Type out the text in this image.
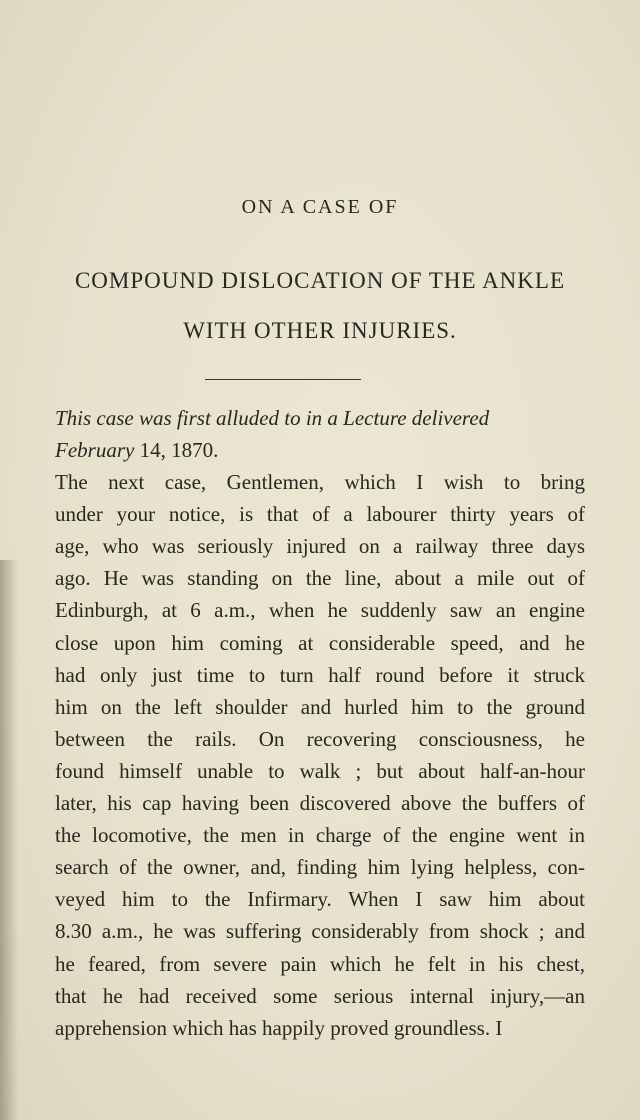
ON A CASE OF
COMPOUND DISLOCATION OF THE ANKLE
WITH OTHER INJURIES.
This case was first alluded to in a Lecture delivered
February 14, 1870.
The next case, Gentlemen, which I wish to bring
under your notice, is that of a labourer thirty years of
age, who was seriously injured on a railway three days
ago. He was standing on the line, about a mile out of
Edinburgh, at 6 a.m., when he suddenly saw an engine
close upon him coming at considerable speed, and he
had only just time to turn half round before it struck
him on the left shoulder and hurled him to the ground
between the rails. On recovering consciousness, he
found himself unable to walk ; but about half-an-hour
later, his cap having been discovered above the buffers of
the locomotive, the men in charge of the engine went in
search of the owner, and, finding him lying helpless, con-
veyed him to the Infirmary. When I saw him about
8.30 a.m., he was suffering considerably from shock ; and
he feared, from severe pain which he felt in his chest,
that he had received some serious internal injury,—an
apprehension which has happily proved groundless. I
